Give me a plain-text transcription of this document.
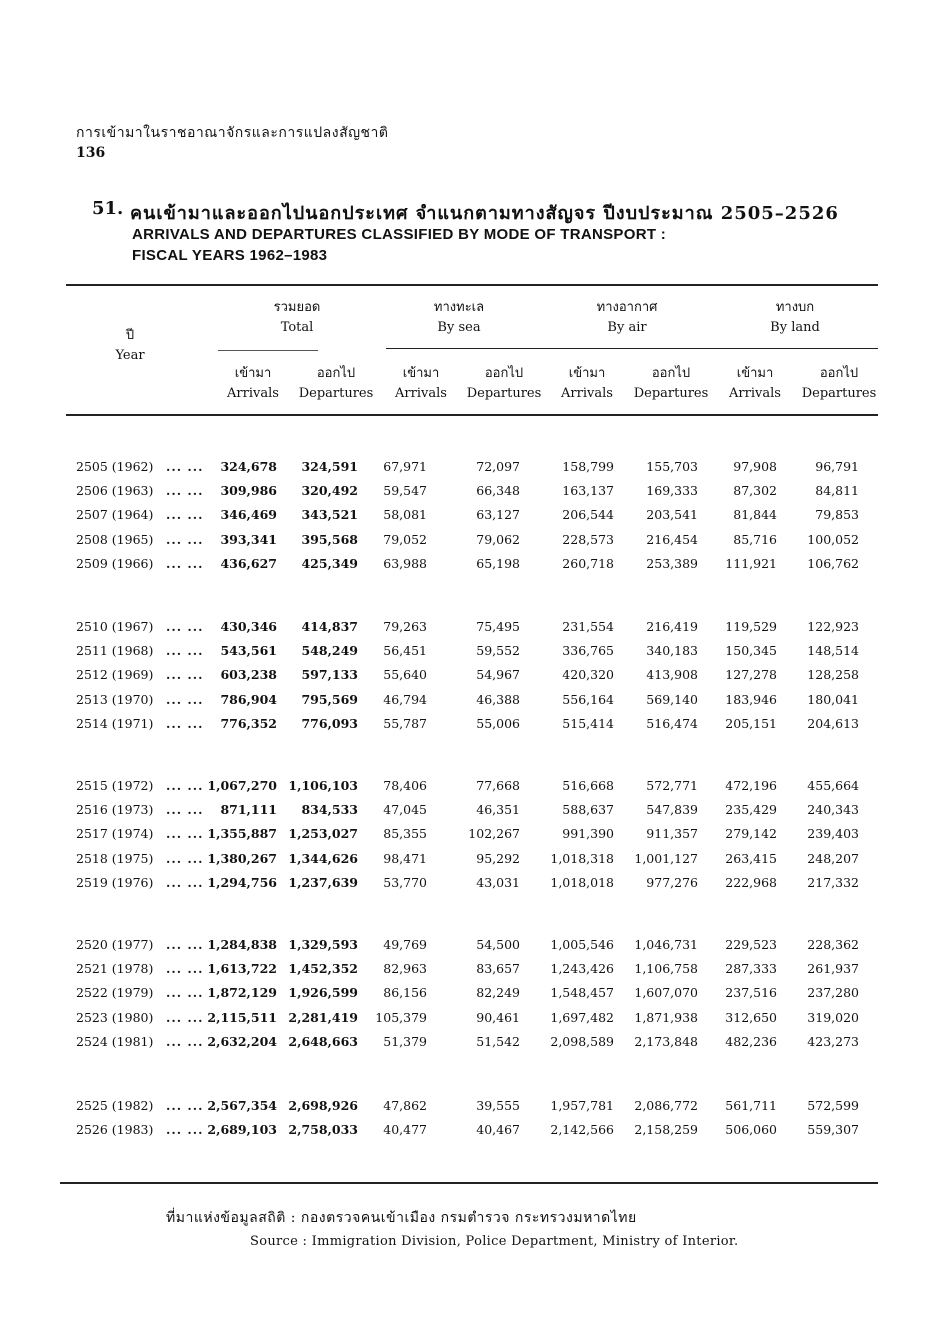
การเข้ามาในราชอาณาจักรและการแปลงสัญชาติ
136
51. คนเข้ามาและออกไปนอกประเทศ จำแนกตามทางสัญจร ปีงบประมาณ 2505–2526
ARRIVALS AND DEPARTURES CLASSIFIED BY MODE OF TRANSPORT :
FISCAL YEARS 1962–1983
ปี
Year
รวมยอด
Total
ทางทะเล
By sea
ทางอากาศ
By air
ทางบก
By land
เข้ามา
Arrivals
ออกไป
Departures
เข้ามา
Arrivals
ออกไป
Departures
เข้ามา
Arrivals
ออกไป
Departures
เข้ามา
Arrivals
ออกไป
Departures
2505 (1962) ... ... 324,678 324,591 67,971	72,097	158,799	155,703	97,908	96,791
2506 (1963) ... ... 309,986 320,492 59,547	66,348	163,137	169,333	87,302	84,811
2507 (1964) ... ... 346,469 343,521 58,081	63,127	206,544	203,541	81,844	79,853
2508 (1965) ... ... 393,341 395,568 79,052	79,062	228,573	216,454	85,716 100,052
2509 (1966) ... ... 436,627 425,349 63,988	65,198	260,718	253,389 111,921 106,762
2510 (1967) ... ... 430,346 414,837 79,263	75,495	231,554	216,419 119,529 122,923
2511 (1968) ... ... 543,561 548,249 56,451	59,552	336,765	340,183 150,345 148,514
2512 (1969) ... ... 603,238 597,133 55,640	54,967	420,320	413,908 127,278 128,258
2513 (1970) ... ... 786,904 795,569 46,794	46,388	556,164	569,140 183,946 180,041
2514 (1971) ... ... 776,352 776,093 55,787	55,006	515,414	516,474 205,151 204,613
2515 (1972) ... ... 1,067,270 1,106,103 78,406	77,668	516,668	572,771 472,196 455,664
2516 (1973) ... ... 871,111 834,533 47,045	46,351	588,637	547,839 235,429 240,343
2517 (1974) ... ... 1,355,887 1,253,027 85,355	102,267	991,390	911,357 279,142 239,403
2518 (1975) ... ... 1,380,267 1,344,626 98,471	95,292 1,018,318 1,001,127 263,415 248,207
2519 (1976) ... ... 1,294,756 1,237,639 53,770	43,031 1,018,018	977,276 222,968 217,332
2520 (1977) ... ... 1,284,838 1,329,593 49,769	54,500 1,005,546 1,046,731 229,523 228,362
2521 (1978) ... ... 1,613,722 1,452,352 82,963	83,657 1,243,426 1,106,758 287,333 261,937
2522 (1979) ... ... 1,872,129 1,926,599 86,156	82,249 1,548,457 1,607,070 237,516 237,280
2523 (1980) ... ... 2,115,511 2,281,419 105,379	90,461 1,697,482 1,871,938 312,650 319,020
2524 (1981) ... ... 2,632,204 2,648,663 51,379	51,542 2,098,589 2,173,848 482,236 423,273
2525 (1982) ... ... 2,567,354 2,698,926 47,862	39,555 1,957,781 2,086,772 561,711 572,599
2526 (1983) ... ... 2,689,103 2,758,033 40,477	40,467 2,142,566 2,158,259 506,060 559,307
ที่มาแห่งข้อมูลสถิติ : กองตรวจคนเข้าเมือง กรมตำรวจ กระทรวงมหาดไทย
Source : Immigration Division, Police Department, Ministry of Interior.
